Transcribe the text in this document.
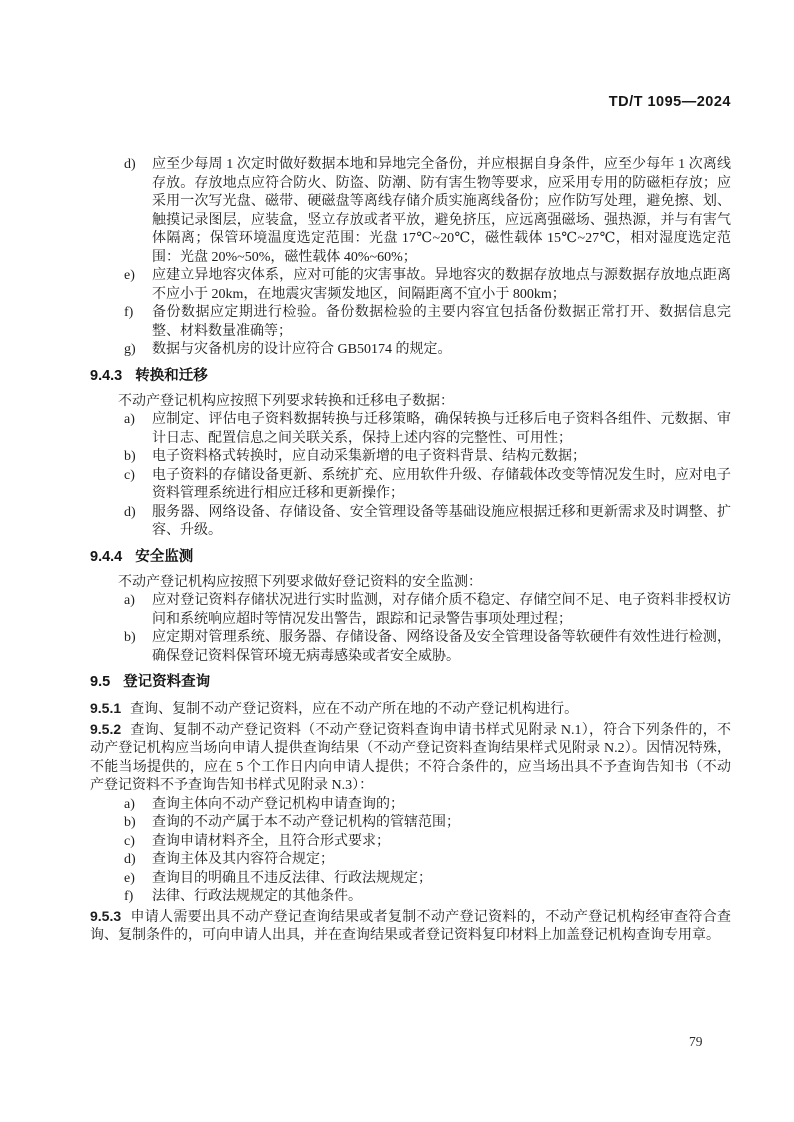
TD/T 1095—2024
d)	应至少每周 1 次定时做好数据本地和异地完全备份，并应根据自身条件，应至少每年 1 次离线存放。存放地点应符合防火、防盗、防潮、防有害生物等要求，应采用专用的防磁柜存放；应采用一次写光盘、磁带、硬磁盘等离线存储介质实施离线备份；应作防写处理，避免擦、划、触摸记录图层，应装盒，竖立存放或者平放，避免挤压，应远离强磁场、强热源，并与有害气体隔离；保管环境温度选定范围：光盘 17℃~20℃，磁性载体 15℃~27℃，相对湿度选定范围：光盘 20%~50%，磁性载体 40%~60%；
e)	应建立异地容灾体系，应对可能的灾害事故。异地容灾的数据存放地点与源数据存放地点距离不应小于 20km，在地震灾害频发地区，间隔距离不宜小于 800km；
f)	备份数据应定期进行检验。备份数据检验的主要内容宜包括备份数据正常打开、数据信息完整、材料数量准确等；
g)	数据与灾备机房的设计应符合 GB50174 的规定。
9.4.3 转换和迁移

不动产登记机构应按照下列要求转换和迁移电子数据：

a)	应制定、评估电子资料数据转换与迁移策略，确保转换与迁移后电子资料各组件、元数据、审计日志、配置信息之间关联关系，保持上述内容的完整性、可用性；
b)	电子资料格式转换时，应自动采集新增的电子资料背景、结构元数据；
c)	电子资料的存储设备更新、系统扩充、应用软件升级、存储载体改变等情况发生时，应对电子资料管理系统进行相应迁移和更新操作；
d)	服务器、网络设备、存储设备、安全管理设备等基础设施应根据迁移和更新需求及时调整、扩容、升级。
9.4.4 安全监测

不动产登记机构应按照下列要求做好登记资料的安全监测：

a)	应对登记资料存储状况进行实时监测，对存储介质不稳定、存储空间不足、电子资料非授权访问和系统响应超时等情况发出警告，跟踪和记录警告事项处理过程；
b)	应定期对管理系统、服务器、存储设备、网络设备及安全管理设备等软硬件有效性进行检测，确保登记资料保管环境无病毒感染或者安全威胁。
9.5 登记资料查询

9.5.1 查询、复制不动产登记资料，应在不动产所在地的不动产登记机构进行。

9.5.2 查询、复制不动产登记资料（不动产登记资料查询申请书样式见附录 N.1），符合下列条件的，不动产登记机构应当场向申请人提供查询结果（不动产登记资料查询结果样式见附录 N.2）。因情况特殊，不能当场提供的，应在 5 个工作日内向申请人提供；不符合条件的，应当场出具不予查询告知书（不动产登记资料不予查询告知书样式见附录 N.3）：

a)	查询主体向不动产登记机构申请查询的；
b)	查询的不动产属于本不动产登记机构的管辖范围；
c)	查询申请材料齐全，且符合形式要求；
d)	查询主体及其内容符合规定；
e)	查询目的明确且不违反法律、行政法规规定；
f)	法律、行政法规规定的其他条件。

9.5.3 申请人需要出具不动产登记查询结果或者复制不动产登记资料的，不动产登记机构经审查符合查询、复制条件的，可向申请人出具，并在查询结果或者登记资料复印材料上加盖登记机构查询专用章。

79
